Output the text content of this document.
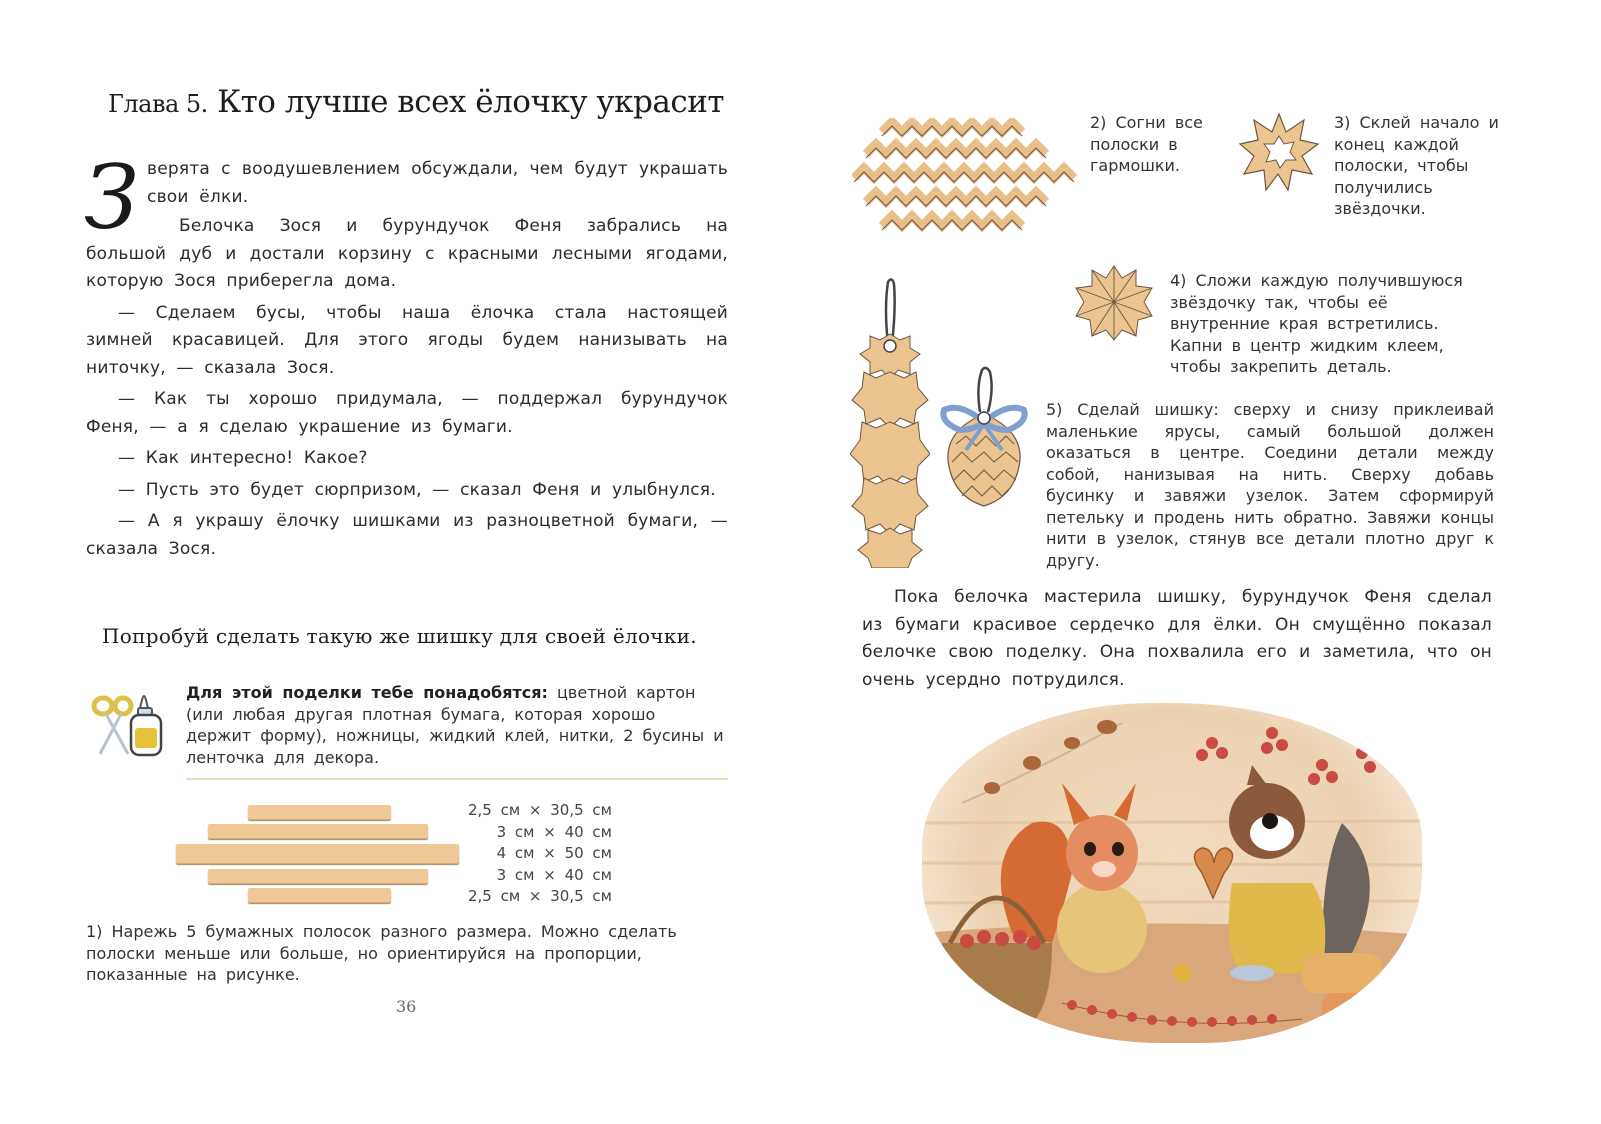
Глава 5. Кто лучше всех ёлочку украсит
З верята с воодушевлением обсуждали, чем будут украшать свои ёлки.

Белочка Зося и бурундучок Феня забрались на большой дуб и достали корзину с красными лесными ягодами, которую Зося приберегла дома.

— Сделаем бусы, чтобы наша ёлочка стала настоящей зимней красавицей. Для этого ягоды будем нанизывать на ниточку, — сказала Зося.

— Как ты хорошо придумала, — поддержал бурундучок Феня, — а я сделаю украшение из бумаги.

— Как интересно! Какое?

— Пусть это будет сюрпризом, — сказал Феня и улыбнулся.

— А я украшу ёлочку шишками из разноцветной бумаги, — сказала Зося.

Попробуй сделать такую же шишку для своей ёлочки.
Для этой поделки тебе понадобятся: цветной картон (или любая другая плотная бумага, которая хорошо держит форму), ножницы, жидкий клей, нитки, 2 бусины и ленточка для декора.
2,5 см × 30,5 см
3 см × 40 см
4 см × 50 см
3 см × 40 см
2,5 см × 30,5 см
1) Нарежь 5 бумажных полосок разного размера. Можно сделать полоски меньше или больше, но ориентируйся на пропорции, показанные на рисунке.
36
2) Согни все полоски в гармошки.
3) Склей начало и конец каждой полоски, чтобы получились звёздочки.
4) Сложи каждую получившуюся звёздочку так, чтобы её внутренние края встретились. Капни в центр жидким клеем, чтобы закрепить деталь.
5) Сделай шишку: сверху и снизу приклеивай маленькие ярусы, самый большой должен оказаться в центре. Соедини детали между собой, нанизывая на нить. Сверху добавь бусинку и завяжи узелок. Затем сформируй петельку и продень нить обратно. Завяжи концы нити в узелок, стянув все детали плотно друг к другу.

Пока белочка мастерила шишку, бурундучок Феня сделал из бумаги красивое сердечко для ёлки. Он смущённо показал белочке свою поделку. Она похвалила его и заметила, что он очень усердно потрудился.
